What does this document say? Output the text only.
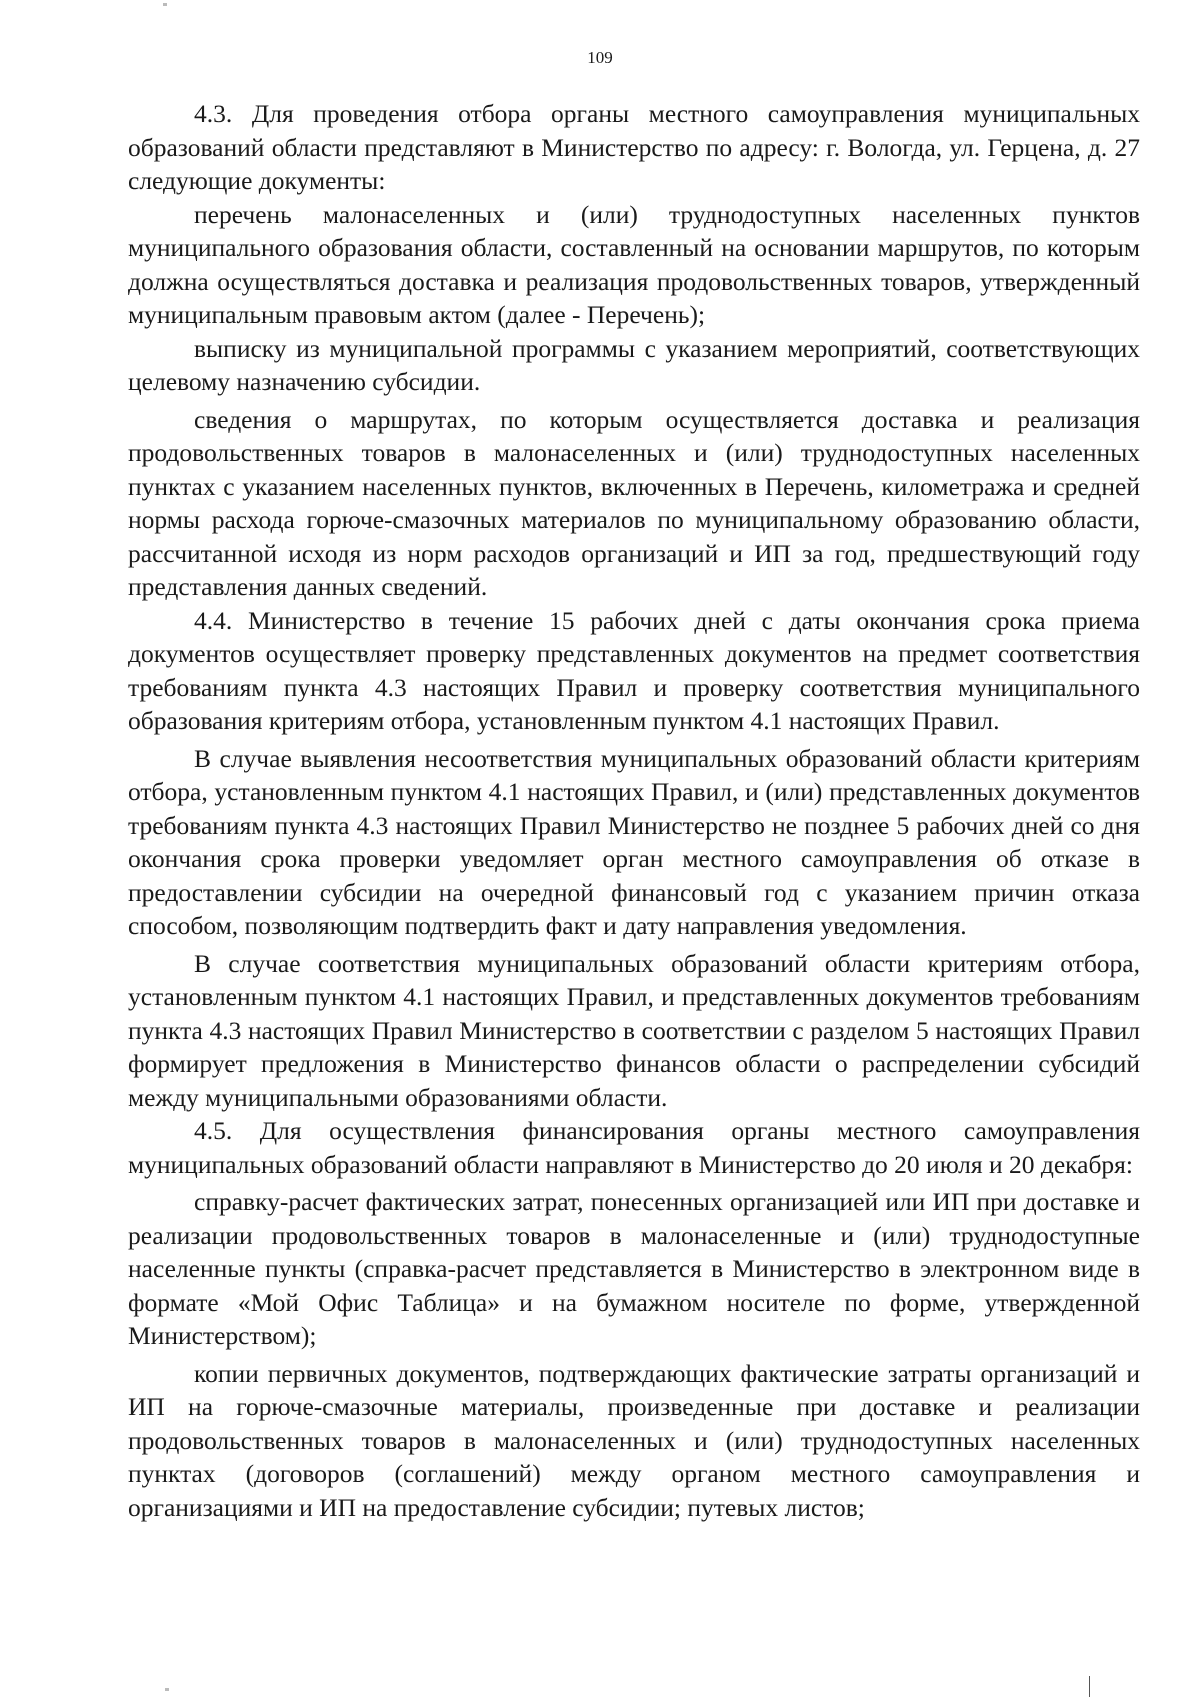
109

4.3. Для проведения отбора органы местного самоуправления муниципальных образований области представляют в Министерство по адресу: г. Вологда, ул. Герцена, д. 27 следующие документы:

перечень малонаселенных и (или) труднодоступных населенных пунктов муниципального образования области, составленный на основании маршрутов, по которым должна осуществляться доставка и реализация продовольственных товаров, утвержденный муниципальным правовым актом (далее - Перечень);

выписку из муниципальной программы с указанием мероприятий, соответствующих целевому назначению субсидии.

сведения о маршрутах, по которым осуществляется доставка и реализация продовольственных товаров в малонаселенных и (или) труднодоступных населенных пунктах с указанием населенных пунктов, включенных в Перечень, километража и средней нормы расхода горюче-смазочных материалов по муниципальному образованию области, рассчитанной исходя из норм расходов организаций и ИП за год, предшествующий году представления данных сведений.

4.4. Министерство в течение 15 рабочих дней с даты окончания срока приема документов осуществляет проверку представленных документов на предмет соответствия требованиям пункта 4.3 настоящих Правил и проверку соответствия муниципального образования критериям отбора, установленным пунктом 4.1 настоящих Правил.

В случае выявления несоответствия муниципальных образований области критериям отбора, установленным пунктом 4.1 настоящих Правил, и (или) представленных документов требованиям пункта 4.3 настоящих Правил Министерство не позднее 5 рабочих дней со дня окончания срока проверки уведомляет орган местного самоуправления об отказе в предоставлении субсидии на очередной финансовый год с указанием причин отказа способом, позволяющим подтвердить факт и дату направления уведомления.

В случае соответствия муниципальных образований области критериям отбора, установленным пунктом 4.1 настоящих Правил, и представленных документов требованиям пункта 4.3 настоящих Правил Министерство в соответствии с разделом 5 настоящих Правил формирует предложения в Министерство финансов области о распределении субсидий между муниципальными образованиями области.

4.5. Для осуществления финансирования органы местного самоуправления муниципальных образований области направляют в Министерство до 20 июля и 20 декабря:

справку-расчет фактических затрат, понесенных организацией или ИП при доставке и реализации продовольственных товаров в малонаселенные и (или) труднодоступные населенные пункты (справка-расчет представляется в Министерство в электронном виде в формате «Мой Офис Таблица» и на бумажном носителе по форме, утвержденной Министерством);

копии первичных документов, подтверждающих фактические затраты организаций и ИП на горюче-смазочные материалы, произведенные при доставке и реализации продовольственных товаров в малонаселенных и (или) труднодоступных населенных пунктах (договоров (соглашений) между органом местного самоуправления и организациями и ИП на предоставление субсидии; путевых листов;
